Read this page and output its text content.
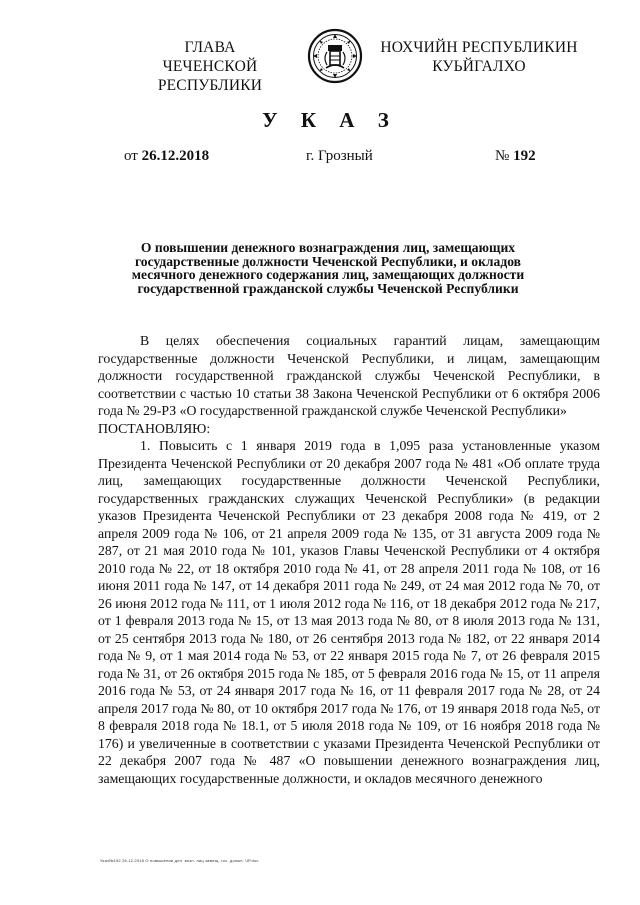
ГЛАВА
ЧЕЧЕНСКОЙ РЕСПУБЛИКИ
НОХЧИЙН РЕСПУБЛИКИН
КУЬЙГАЛХО
У К А З
от 26.12.2018	г. Грозный	№ 192
О повышении денежного вознаграждения лиц, замещающих
государственные должности Чеченской Республики, и окладов
месячного денежного содержания лиц, замещающих должности
государственной гражданской службы Чеченской Республики

В целях обеспечения социальных гарантий лицам, замещающим государственные должности Чеченской Республики, и лицам, замещающим должности государственной гражданской службы Чеченской Республики, в соответствии с частью 10 статьи 38 Закона Чеченской Республики от 6 октября 2006 года № 29-РЗ «О государственной гражданской службе Чеченской Республики»

ПОСТАНОВЛЯЮ:

1. Повысить с 1 января 2019 года в 1,095 раза установленные указом Президента Чеченской Республики от 20 декабря 2007 года № 481 «Об оплате труда лиц, замещающих государственные должности Чеченской Республики, государственных гражданских служащих Чеченской Республики» (в редакции указов Президента Чеченской Республики от 23 декабря 2008 года № 419, от 2 апреля 2009 года № 106, от 21 апреля 2009 года № 135, от 31 августа 2009 года № 287, от 21 мая 2010 года № 101, указов Главы Чеченской Республики от 4 октября 2010 года № 22, от 18 октября 2010 года № 41, от 28 апреля 2011 года № 108, от 16 июня 2011 года № 147, от 14 декабря 2011 года № 249, от 24 мая 2012 года № 70, от 26 июня 2012 года № 111, от 1 июля 2012 года № 116, от 18 декабря 2012 года № 217, от 1 февраля 2013 года № 15, от 13 мая 2013 года № 80, от 8 июля 2013 года № 131, от 25 сентября 2013 года № 180, от 26 сентября 2013 года № 182, от 22 января 2014 года № 9, от 1 мая 2014 года № 53, от 22 января 2015 года № 7, от 26 февраля 2015 года № 31, от 26 октября 2015 года № 185, от 5 февраля 2016 года № 15, от 11 апреля 2016 года № 53, от 24 января 2017 года № 16, от 11 февраля 2017 года № 28, от 24 апреля 2017 года № 80, от 10 октября 2017 года № 176, от 19 января 2018 года №5, от 8 февраля 2018 года № 18.1, от 5 июля 2018 года № 109, от 16 ноября 2018 года № 176) и увеличенные в соответствии с указами Президента Чеченской Республики от 22 декабря 2007 года № 487 «О повышении денежного вознаграждения лиц, замещающих государственные должности, и окладов месячного денежного

Указ№192 26.12.2018 О повышении ден. возн. лиц замещ. гос. должн. ЧР.doc
